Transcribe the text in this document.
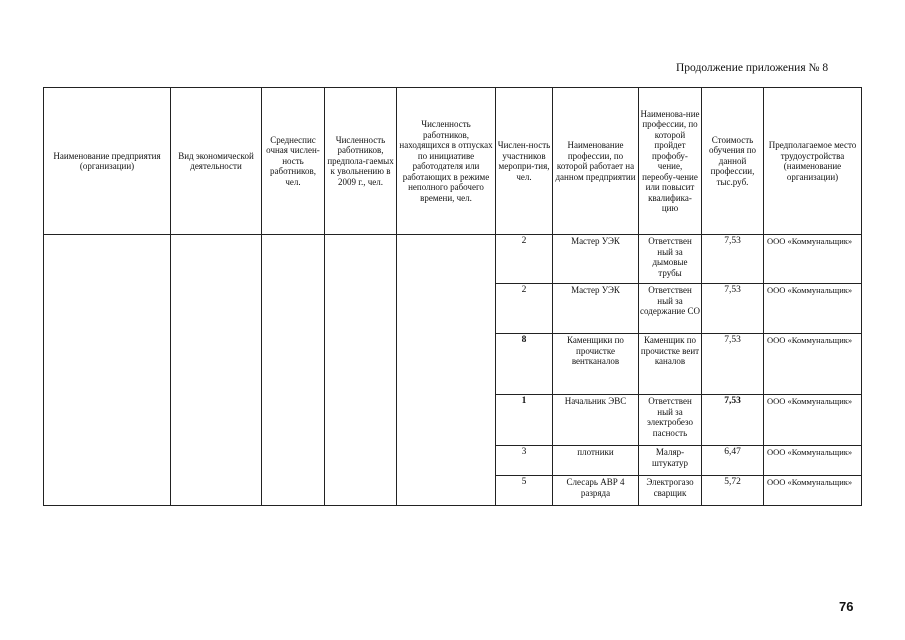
Продолжение приложения № 8
Наименование предприятия (организации)	Вид экономической деятельности	Среднеспис очная числен-ность работников, чел.	Численность работников, предпола-гаемых к увольнению в 2009 г., чел.	Численность работников, находящихся в отпусках по инициативе работодателя или работающих в режиме неполного рабочего времени, чел.	Числен-ность участников меропри-тия, чел.	Наименование профессии, по которой работает на данном предприятии	Наименова-ние профессии, по которой пройдет профобу-чение, переобу-чение или повысит квалифика-цию	Стоимость обучения по данной профессии, тыс.руб.	Предполагаемое место трудоустройства (наименование организации)
					2	Мастер УЭК	Ответствен ный за дымовые трубы	7,53	ООО «Коммунальщик»
					2	Мастер УЭК	Ответствен ный за содержание СО	7,53	ООО «Коммунальщик»
					8	Каменщики по прочистке вентканалов	Каменщик по прочистке веит каналов	7,53	ООО «Коммунальщик»
					1	Начальник ЭВС	Ответствен ный за электробезо пасность	7,53	ООО «Коммунальщик»
					3	плотники	Маляр-штукатур	6,47	ООО «Коммунальщик»
					5	Слесарь АВР 4 разряда	Электрогазо сварщик	5,72	ООО «Коммунальщик»
76
